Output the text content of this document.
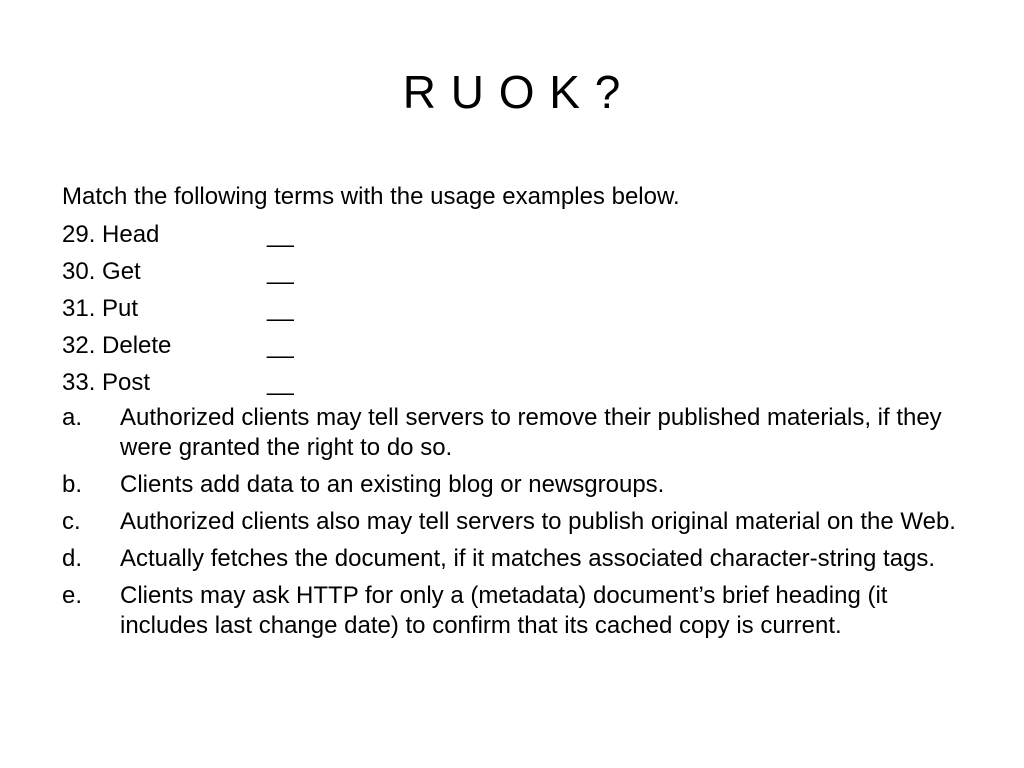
R U O K ?

Match the following terms with the usage examples below.

29. Head	__
30. Get	__
31. Put	__
32. Delete	__
33. Post	__
a.	Authorized clients may tell servers to remove their published materials, if they were granted the right to do so.
b.	Clients add data to an existing blog or newsgroups.
c.	Authorized clients also may tell servers to publish original material on the Web.
d.	Actually fetches the document, if it matches associated character-string tags.
e.	Clients may ask HTTP for only a (metadata) document’s brief heading (it includes last change date) to confirm that its cached copy is current.
